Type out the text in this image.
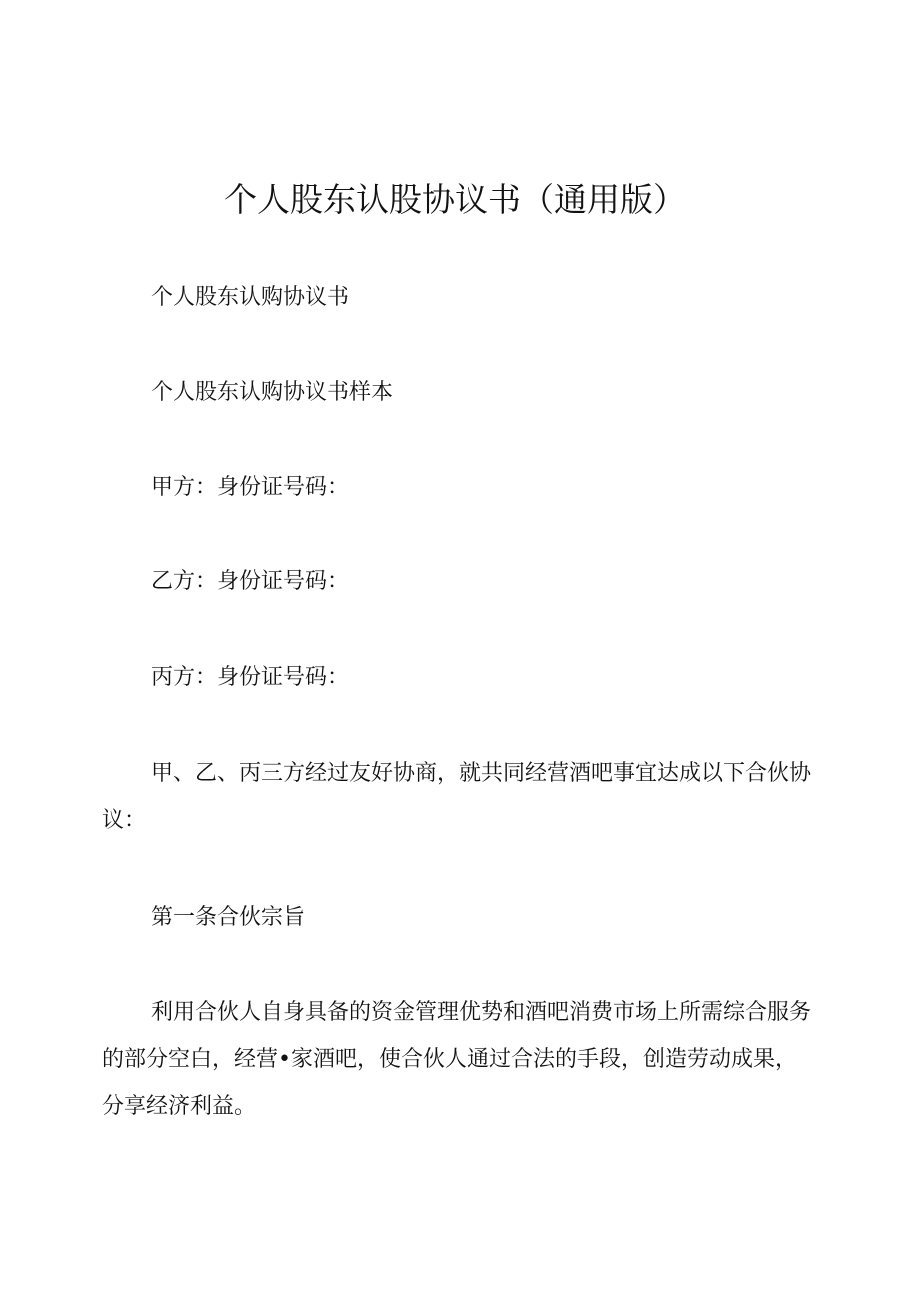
个人股东认股协议书（通用版）
个人股东认购协议书
个人股东认购协议书样本
甲方：身份证号码：
乙方：身份证号码：
丙方：身份证号码：
甲、乙、丙三方经过友好协商，就共同经营酒吧事宜达成以下合伙协议：
第一条合伙宗旨
利用合伙人自身具备的资金管理优势和酒吧消费市场上所需综合服务的部分空白，经营•家酒吧，使合伙人通过合法的手段，创造劳动成果，分享经济利益。
